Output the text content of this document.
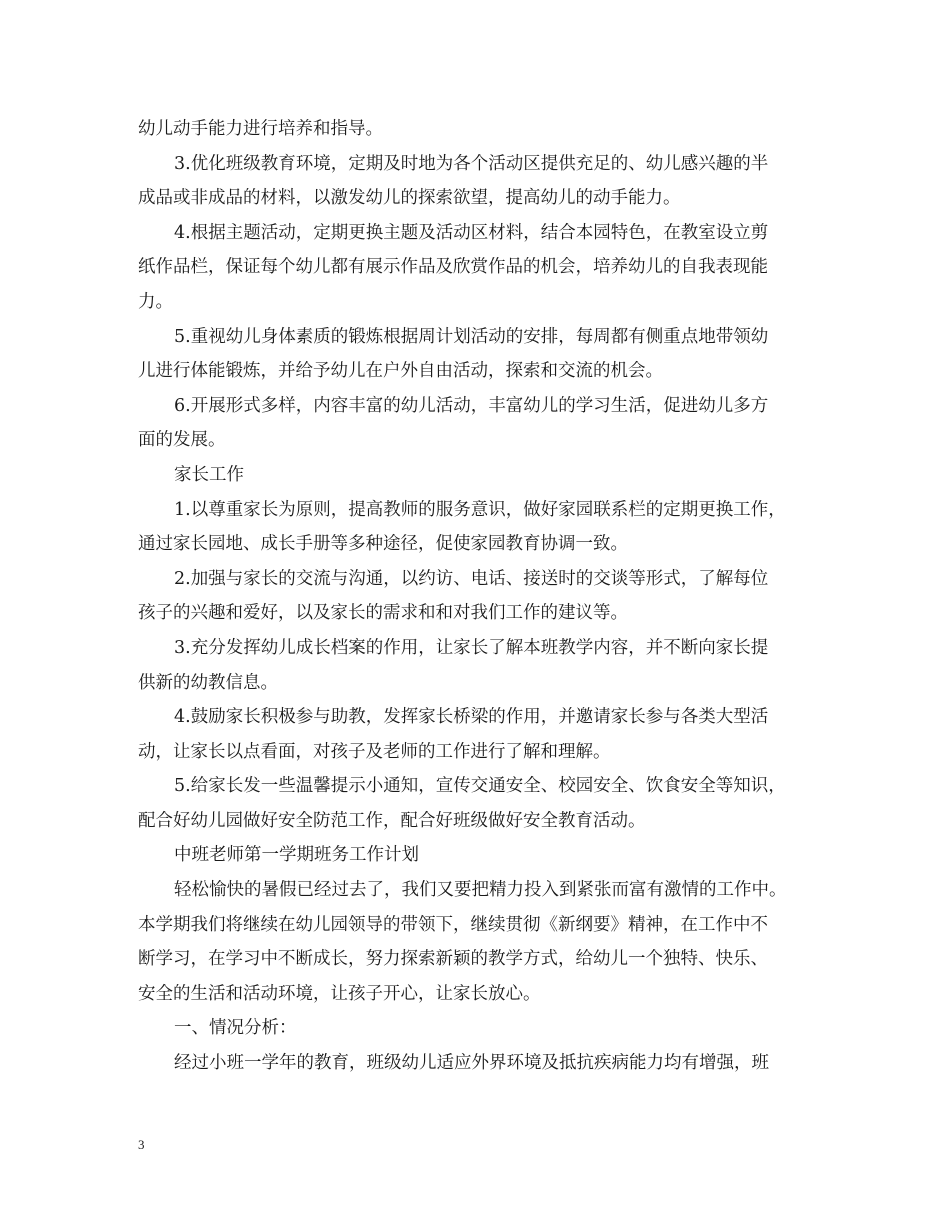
幼儿动手能力进行培养和指导。
3.优化班级教育环境，定期及时地为各个活动区提供充足的、幼儿感兴趣的半
成品或非成品的材料，以激发幼儿的探索欲望，提高幼儿的动手能力。
4.根据主题活动，定期更换主题及活动区材料，结合本园特色，在教室设立剪
纸作品栏，保证每个幼儿都有展示作品及欣赏作品的机会，培养幼儿的自我表现能
力。
5.重视幼儿身体素质的锻炼根据周计划活动的安排，每周都有侧重点地带领幼
儿进行体能锻炼，并给予幼儿在户外自由活动，探索和交流的机会。
6.开展形式多样，内容丰富的幼儿活动，丰富幼儿的学习生活，促进幼儿多方
面的发展。
家长工作
1.以尊重家长为原则，提高教师的服务意识，做好家园联系栏的定期更换工作，
通过家长园地、成长手册等多种途径，促使家园教育协调一致。
2.加强与家长的交流与沟通，以约访、电话、接送时的交谈等形式，了解每位
孩子的兴趣和爱好，以及家长的需求和和对我们工作的建议等。
3.充分发挥幼儿成长档案的作用，让家长了解本班教学内容，并不断向家长提
供新的幼教信息。
4.鼓励家长积极参与助教，发挥家长桥梁的作用，并邀请家长参与各类大型活
动，让家长以点看面，对孩子及老师的工作进行了解和理解。
5.给家长发一些温馨提示小通知，宣传交通安全、校园安全、饮食安全等知识，
配合好幼儿园做好安全防范工作，配合好班级做好安全教育活动。
中班老师第一学期班务工作计划
轻松愉快的暑假已经过去了，我们又要把精力投入到紧张而富有激情的工作中。
本学期我们将继续在幼儿园领导的带领下，继续贯彻《新纲要》精神，在工作中不
断学习，在学习中不断成长，努力探索新颖的教学方式，给幼儿一个独特、快乐、
安全的生活和活动环境，让孩子开心，让家长放心。
一、情况分析：
经过小班一学年的教育，班级幼儿适应外界环境及抵抗疾病能力均有增强，班
3
